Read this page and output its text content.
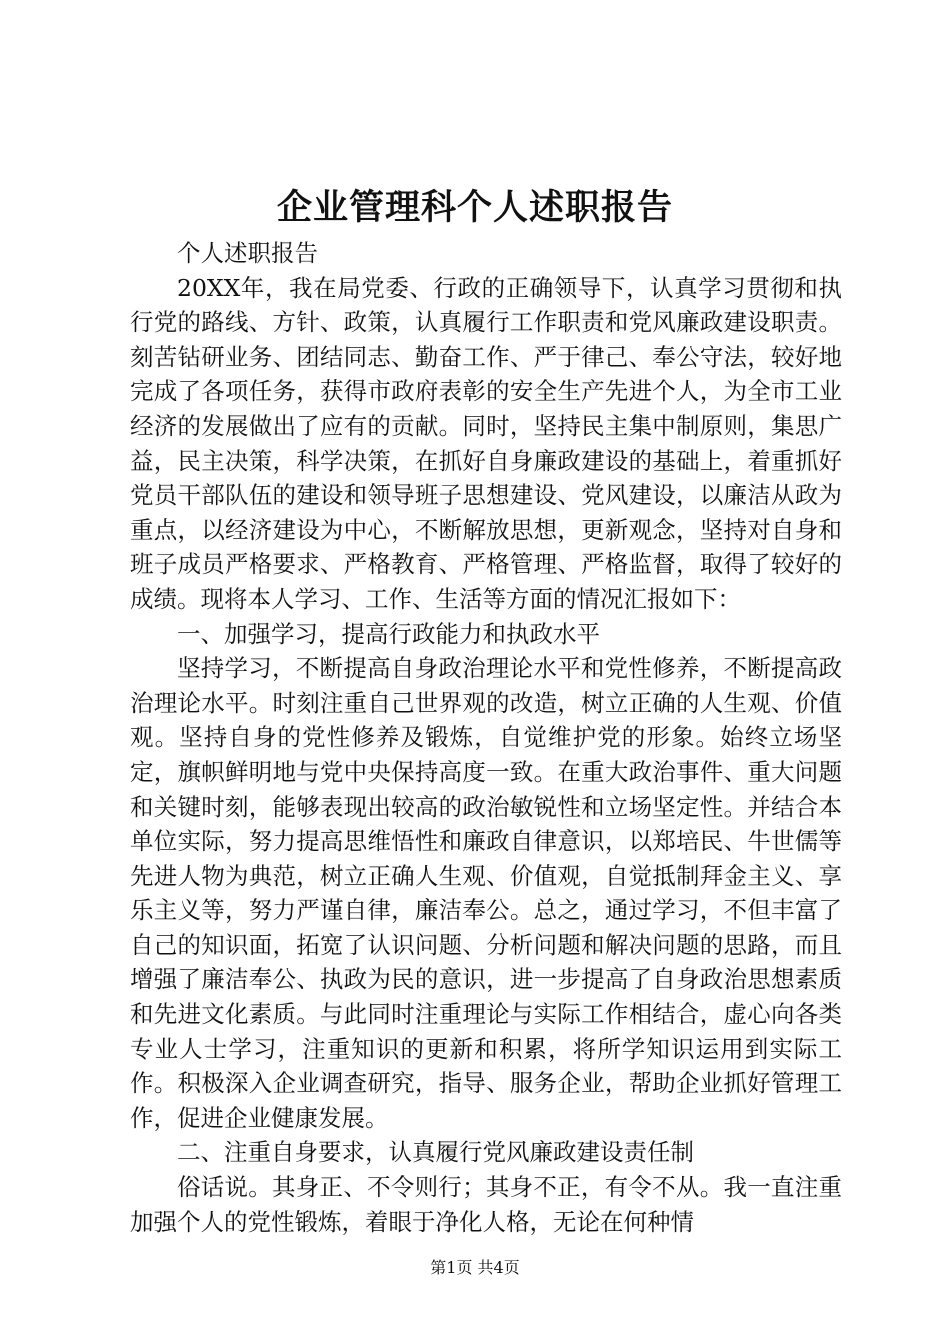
企业管理科个人述职报告

个人述职报告

20XX年，我在局党委、行政的正确领导下，认真学习贯彻和执行党的路线、方针、政策，认真履行工作职责和党风廉政建设职责。刻苦钻研业务、团结同志、勤奋工作、严于律己、奉公守法，较好地完成了各项任务，获得市政府表彰的安全生产先进个人，为全市工业经济的发展做出了应有的贡献。同时，坚持民主集中制原则，集思广益，民主决策，科学决策，在抓好自身廉政建设的基础上，着重抓好党员干部队伍的建设和领导班子思想建设、党风建设，以廉洁从政为重点，以经济建设为中心，不断解放思想，更新观念，坚持对自身和班子成员严格要求、严格教育、严格管理、严格监督，取得了较好的成绩。现将本人学习、工作、生活等方面的情况汇报如下：

一、加强学习，提高行政能力和执政水平

坚持学习，不断提高自身政治理论水平和党性修养，不断提高政治理论水平。时刻注重自己世界观的改造，树立正确的人生观、价值观。坚持自身的党性修养及锻炼，自觉维护党的形象。始终立场坚定，旗帜鲜明地与党中央保持高度一致。在重大政治事件、重大问题和关键时刻，能够表现出较高的政治敏锐性和立场坚定性。并结合本单位实际，努力提高思维悟性和廉政自律意识，以郑培民、牛世儒等先进人物为典范，树立正确人生观、价值观，自觉抵制拜金主义、享乐主义等，努力严谨自律，廉洁奉公。总之，通过学习，不但丰富了自己的知识面，拓宽了认识问题、分析问题和解决问题的思路，而且增强了廉洁奉公、执政为民的意识，进一步提高了自身政治思想素质和先进文化素质。与此同时注重理论与实际工作相结合，虚心向各类专业人士学习，注重知识的更新和积累，将所学知识运用到实际工作。积极深入企业调查研究，指导、服务企业，帮助企业抓好管理工作，促进企业健康发展。

二、注重自身要求，认真履行党风廉政建设责任制

俗话说。其身正、不令则行；其身不正，有令不从。我一直注重加强个人的党性锻炼，着眼于净化人格，无论在何种情

第1页 共4页
